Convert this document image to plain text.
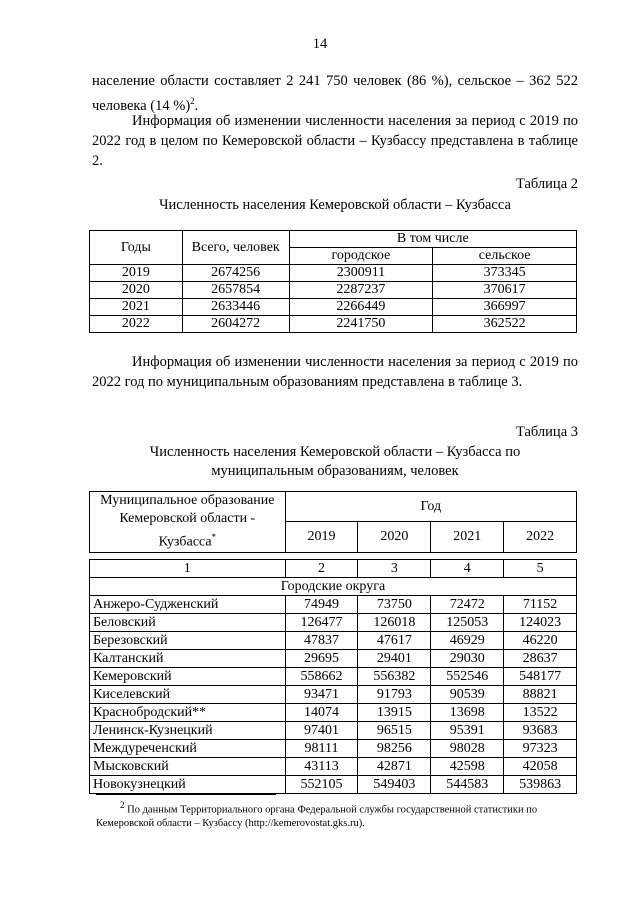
14

население области составляет 2 241 750 человек (86 %), сельское – 362 522 человека (14 %)$^2$.

Информация об изменении численности населения за период с 2019 по 2022 год в целом по Кемеровской области – Кузбассу представлена в таблице 2.

Таблица 2
Численность населения Кемеровской области – Кузбасса
Годы	Всего, человек	В том числе	
		городское	сельское
2019	2674256	2300911	373345
2020	2657854	2287237	370617
2021	2633446	2266449	366997
2022	2604272	2241750	362522

Информация об изменении численности населения за период с 2019 по 2022 год по муниципальным образованиям представлена в таблице 3.

Таблица 3
Численность населения Кемеровской области – Кузбасса по
муниципальным образованиям, человек
Муниципальное образование Кемеровской области - Кузбасса*	Год			
	2019	2020	2021	2022

1	2	3	4	5
Городские округа				
Анжеро-Судженский	74949	73750	72472	71152
Беловский	126477	126018	125053	124023
Березовский	47837	47617	46929	46220
Калтанский	29695	29401	29030	28637
Кемеровский	558662	556382	552546	548177
Киселевский	93471	91793	90539	88821
Краснобродский**	14074	13915	13698	13522
Ленинск-Кузнецкий	97401	96515	95391	93683
Междуреченский	98111	98256	98028	97323
Мысковский	43113	42871	42598	42058
Новокузнецкий	552105	549403	544583	539863

$^2$ По данным Территориального органа Федеральной службы государственной статистики по Кемеровской области – Кузбассу (http://kemerovostat.gks.ru).
